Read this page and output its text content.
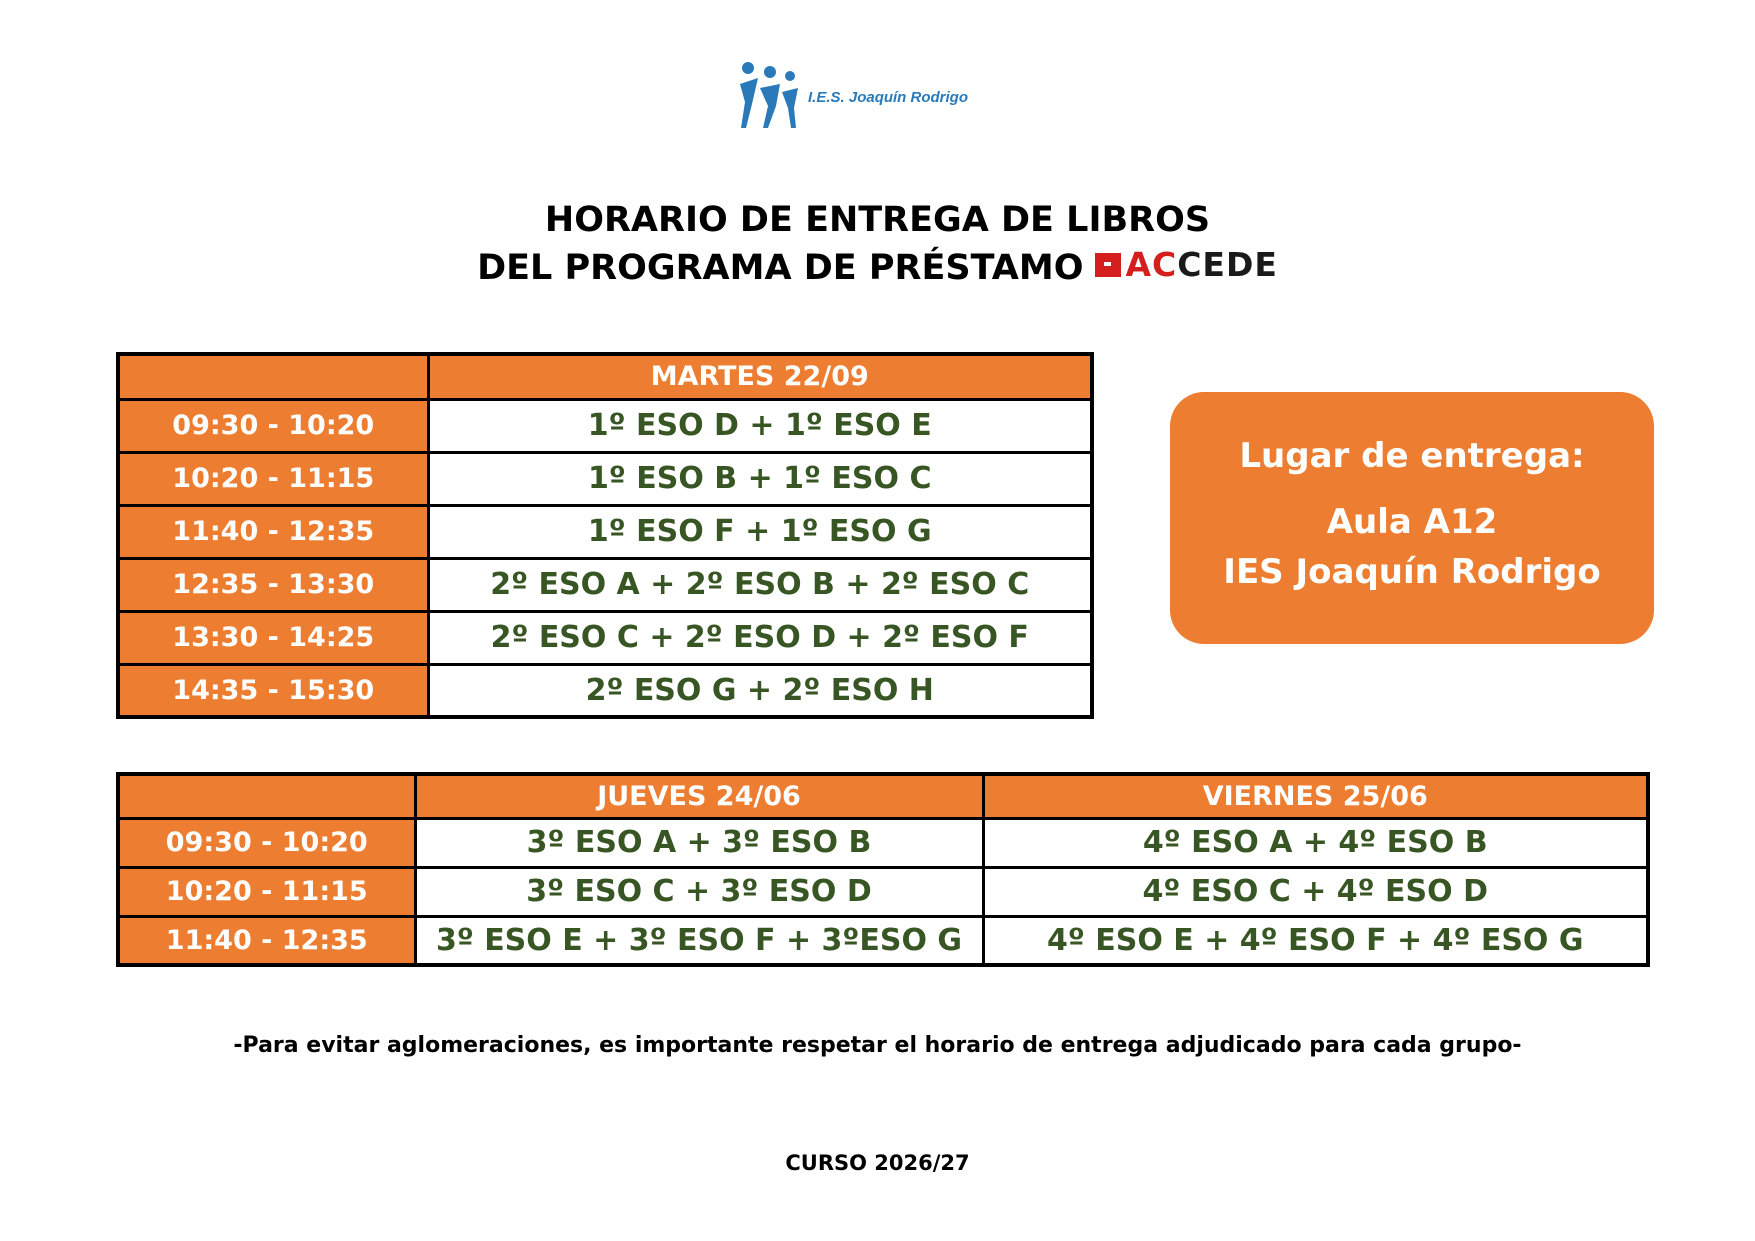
I.E.S. Joaquín Rodrigo
HORARIO DE ENTREGA DE LIBROS
DEL PROGRAMA DE PRÉSTAMO AC CEDE
	MARTES 22/09
09:30 - 10:20	1º ESO D + 1º ESO E
10:20 - 11:15	1º ESO B + 1º ESO C
11:40 - 12:35	1º ESO F + 1º ESO G
12:35 - 13:30	2º ESO A + 2º ESO B + 2º ESO C
13:30 - 14:25	2º ESO C + 2º ESO D + 2º ESO F
14:35 - 15:30	2º ESO G + 2º ESO H
Lugar de entrega:
Aula A12
IES Joaquín Rodrigo
	JUEVES 24/06	VIERNES 25/06
09:30 - 10:20	3º ESO A + 3º ESO B	4º ESO A + 4º ESO B
10:20 - 11:15	3º ESO C + 3º ESO D	4º ESO C + 4º ESO D
11:40 - 12:35	3º ESO E + 3º ESO F + 3ºESO G	4º ESO E + 4º ESO F + 4º ESO G
-Para evitar aglomeraciones, es importante respetar el horario de entrega adjudicado para cada grupo-
CURSO 2026/27
